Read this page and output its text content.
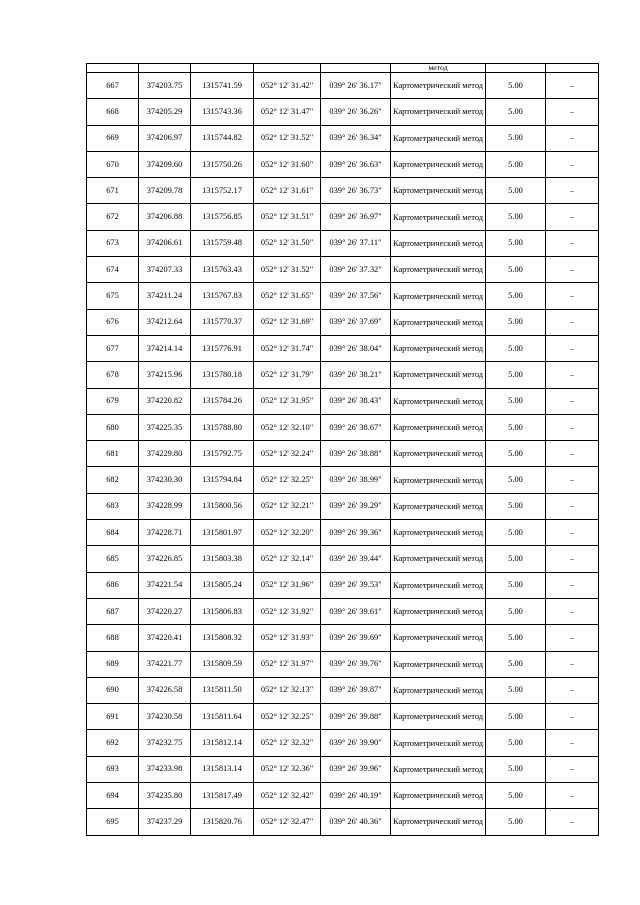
					метод		
667	374203.75	1315741.59	052° 12' 31.42"	039° 26' 36.17"	Картометрический метод	5.00	–
668	374205.29	1315743.36	052° 12' 31.47"	039° 26' 36.26"	Картометрический метод	5.00	–
669	374206.97	1315744.82	052° 12' 31.52"	039° 26' 36.34"	Картометрический метод	5.00	–
670	374209.60	1315750.26	052° 12' 31.60"	039° 26' 36.63"	Картометрический метод	5.00	–
671	374209.78	1315752.17	052° 12' 31.61"	039° 26' 36.73"	Картометрический метод	5.00	–
672	374206.88	1315756.85	052° 12' 31.51"	039° 26' 36.97"	Картометрический метод	5.00	–
673	374206.61	1315759.48	052° 12' 31.50"	039° 26' 37.11"	Картометрический метод	5.00	–
674	374207.33	1315763.43	052° 12' 31.52"	039° 26' 37.32"	Картометрический метод	5.00	–
675	374211.24	1315767.83	052° 12' 31.65"	039° 26' 37.56"	Картометрический метод	5.00	–
676	374212.64	1315770.37	052° 12' 31.69"	039° 26' 37.69"	Картометрический метод	5.00	–
677	374214.14	1315776.91	052° 12' 31.74"	039° 26' 38.04"	Картометрический метод	5.00	–
678	374215.96	1315780.18	052° 12' 31.79"	039° 26' 38.21"	Картометрический метод	5.00	–
679	374220.82	1315784.26	052° 12' 31.95"	039° 26' 38.43"	Картометрический метод	5.00	–
680	374225.35	1315788.80	052° 12' 32.10"	039° 26' 38.67"	Картометрический метод	5.00	–
681	374229.80	1315792.75	052° 12' 32.24"	039° 26' 38.88"	Картометрический метод	5.00	–
682	374230.30	1315794.84	052° 12' 32.25"	039° 26' 38.99"	Картометрический метод	5.00	–
683	374228.99	1315800.56	052° 12' 32.21"	039° 26' 39.29"	Картометрический метод	5.00	–
684	374228.71	1315801.97	052° 12' 32.20"	039° 26' 39.36"	Картометрический метод	5.00	–
685	374226.85	1315803.38	052° 12' 32.14"	039° 26' 39.44"	Картометрический метод	5.00	–
686	374221.54	1315805.24	052° 12' 31.96"	039° 26' 39.53"	Картометрический метод	5.00	–
687	374220.27	1315806.83	052° 12' 31.92"	039° 26' 39.61"	Картометрический метод	5.00	–
688	374220.41	1315808.32	052° 12' 31.93"	039° 26' 39.69"	Картометрический метод	5.00	–
689	374221.77	1315809.59	052° 12' 31.97"	039° 26' 39.76"	Картометрический метод	5.00	–
690	374226.58	1315811.50	052° 12' 32.13"	039° 26' 39.87"	Картометрический метод	5.00	–
691	374230.58	1315811.64	052° 12' 32.25"	039° 26' 39.88"	Картометрический метод	5.00	–
692	374232.75	1315812.14	052° 12' 32.32"	039° 26' 39.90"	Картометрический метод	5.00	–
693	374233.98	1315813.14	052° 12' 32.36"	039° 26' 39.96"	Картометрический метод	5.00	–
694	374235.80	1315817.49	052° 12' 32.42"	039° 26' 40.19"	Картометрический метод	5.00	–
695	374237.29	1315820.76	052° 12' 32.47"	039° 26' 40.36"	Картометрический метод	5.00	–
